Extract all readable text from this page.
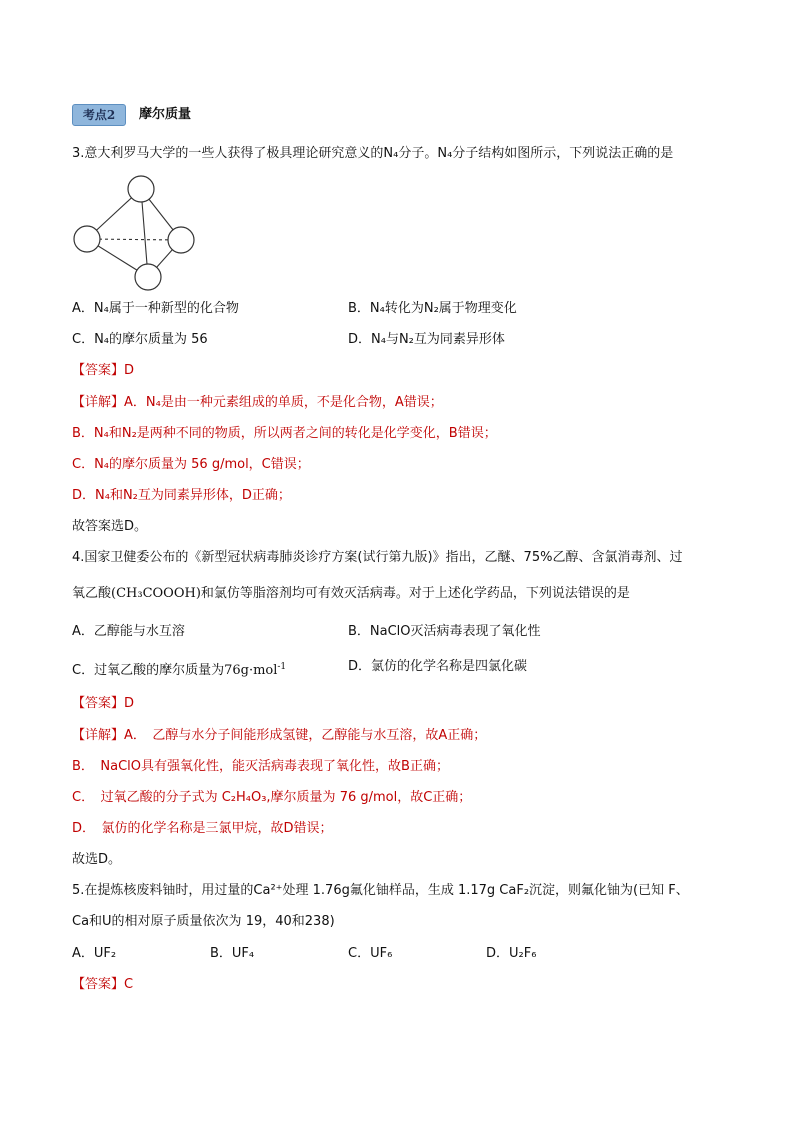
考点2	摩尔质量
3.意大利罗马大学的一些人获得了极具理论研究意义的N₄分子。N₄分子结构如图所示，下列说法正确的是
A．N₄属于一种新型的化合物	B．N₄转化为N₂属于物理变化
C．N₄的摩尔质量为 56	D．N₄与N₂互为同素异形体
【答案】D
【详解】A．N₄是由一种元素组成的单质，不是化合物，A错误；
B．N₄和N₂是两种不同的物质，所以两者之间的转化是化学变化，B错误；
C．N₄的摩尔质量为 56 g/mol，C错误；
D．N₄和N₂互为同素异形体，D正确；
故答案选D。
4.国家卫健委公布的《新型冠状病毒肺炎诊疗方案(试行第九版)》指出，乙醚、75%乙醇、含氯消毒剂、过
氧乙酸(CH₃COOOH)和氯仿等脂溶剂均可有效灭活病毒。对于上述化学药品，下列说法错误的是
A．乙醇能与水互溶	B．NaClO灭活病毒表现了氧化性
C．过氧乙酸的摩尔质量为76g·mol$^{-1}$	D．氯仿的化学名称是四氯化碳
【答案】D
【详解】A．　乙醇与水分子间能形成氢键，乙醇能与水互溶，故A正确；
B．　NaClO具有强氧化性，能灭活病毒表现了氧化性，故B正确；
C．　过氧乙酸的分子式为 C₂H₄O₃,摩尔质量为 76 g/mol，故C正确；
D．　氯仿的化学名称是三氯甲烷，故D错误；
故选D。
5.在提炼核废料铀时，用过量的Ca²⁺处理 1.76g氟化铀样品，生成 1.17g CaF₂沉淀，则氟化铀为(已知 F、
Ca和U的相对原子质量依次为 19，40和238)
A．UF₂	B．UF₄	C．UF₆	D．U₂F₆
【答案】C
